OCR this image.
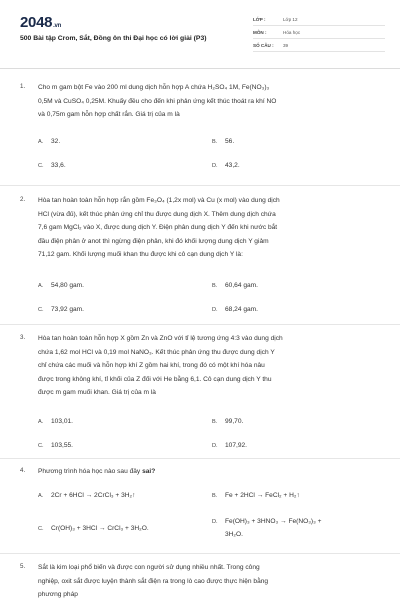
2048.vn
500 Bài tập Crom, Sắt, Đồng ôn thi Đại học có lời giải (P3)
LỚP :	Lớp 12
MÔN :	Hóa học
SỐ CÂU :	39
1. Cho m gam bột Fe vào 200 ml dung dịch hỗn hợp A chứa H₂SO₄ 1M, Fe(NO₃)₃
0,5M và CuSO₄ 0,25M. Khuấy đều cho đến khi phản ứng kết thúc thoát ra khí NO
và 0,75m gam hỗn hợp chất rắn. Giá trị của m là
A. 32.	B. 56.
C. 33,6.	D. 43,2.
2. Hòa tan hoàn toàn hỗn hợp rắn gồm Fe₃O₄ (1,2x mol) và Cu (x mol) vào dung dịch
HCl (vừa đủ), kết thúc phản ứng chỉ thu được dung dịch X. Thêm dung dịch chứa
7,6 gam MgCl₂ vào X, được dung dịch Y. Điện phân dung dịch Y đến khi nước bắt
đầu điện phân ở anot thì ngừng điện phân, khi đó khối lượng dung dịch Y giảm
71,12 gam. Khối lượng muối khan thu được khi cô cạn dung dịch Y là:
A. 54,80 gam.	B. 60,64 gam.
C. 73,92 gam.	D. 68,24 gam.
3. Hòa tan hoàn toàn hỗn hợp X gồm Zn và ZnO với tỉ lệ tương ứng 4:3 vào dung dịch
chứa 1,62 mol HCl và 0,19 mol NaNO₃. Kết thúc phản ứng thu được dung dịch Y
chỉ chứa các muối và hỗn hợp khí Z gồm hai khí, trong đó có một khí hóa nâu
được trong không khí, tỉ khối của Z đối với He bằng 6,1. Cô cạn dung dịch Y thu
được m gam muối khan. Giá trị của m là
A. 103,01.	B. 99,70.
C. 103,55.	D. 107,92.
4. Phương trình hóa học nào sau đây sai?
A. 2Cr + 6HCl → 2CrCl₃ + 3H₂↑	B. Fe + 2HCl → FeCl₂ + H₂↑
C. Cr(OH)₃ + 3HCl → CrCl₃ + 3H₂O.
D. Fe(OH)₃ + 3HNO₃ → Fe(NO₃)₃ +
3H₂O.
5. Sắt là kim loại phổ biến và được con người sử dụng nhiều nhất. Trong công
nghiệp, oxit sắt được luyện thành sắt điện ra trong lò cao được thực hiện bằng
phương pháp
